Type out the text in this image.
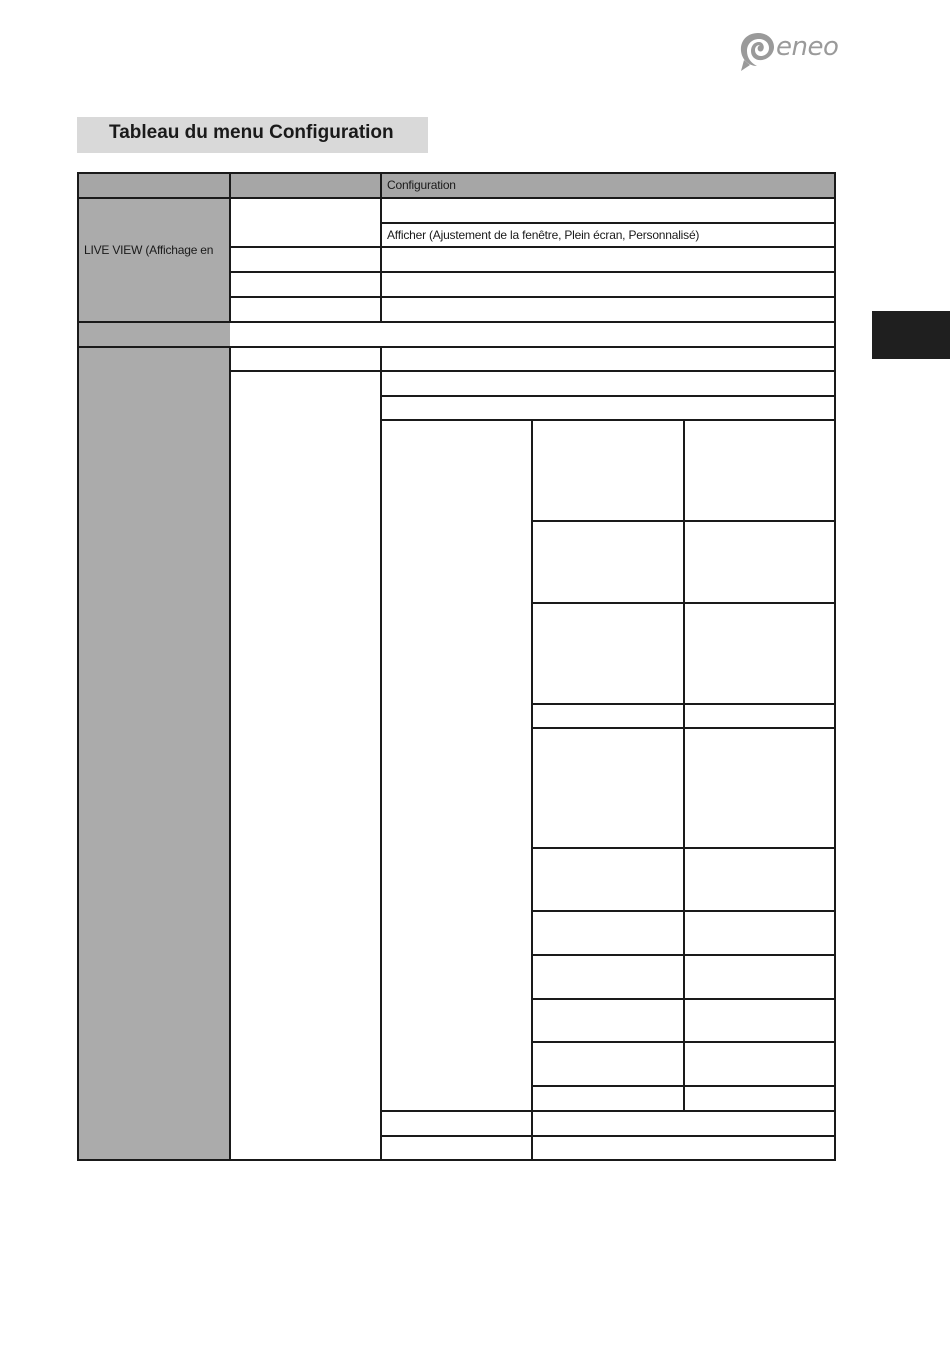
eneo
Tableau du menu Configuration
Configuration
LIVE VIEW (Affichage en
Afficher (Ajustement de la fenêtre, Plein écran, Personnalisé)
